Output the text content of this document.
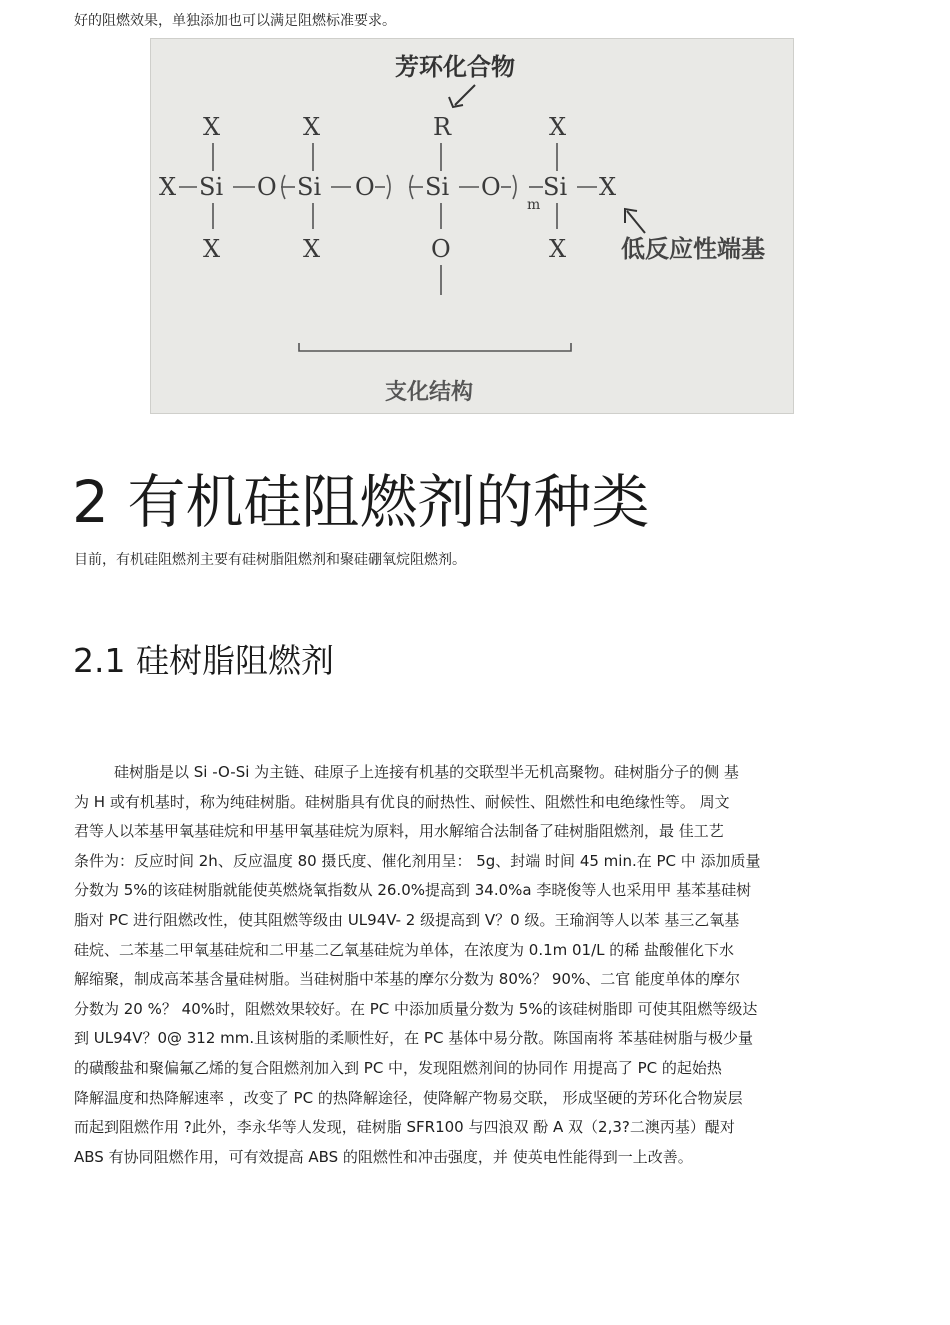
好的阻燃效果，单独添加也可以满足阻燃标准要求。
芳环化合物
X	X	R	X
X Si O Si O Si O
m
Si X
X	X	O	X 低反应性端基
支化结构
2 有机硅阻燃剂的种类
目前，有机硅阻燃剂主要有硅树脂阻燃剂和聚硅硼氧烷阻燃剂。
2.1 硅树脂阻燃剂
硅树脂是以 Si -O-Si 为主链、硅原子上连接有机基的交联型半无机高聚物。硅树脂分子的侧 基
为 H 或有机基时，称为纯硅树脂。硅树脂具有优良的耐热性、耐候性、阻燃性和电绝缘性等。 周文
君等人以苯基甲氧基硅烷和甲基甲氧基硅烷为原料，用水解缩合法制备了硅树脂阻燃剂，最 佳工艺
条件为：反应时间 2h、反应温度 80 摄氏度、催化剂用呈： 5g、封端 时间 45 min.在 PC 中 添加质量
分数为 5%的该硅树脂就能使英燃烧氧指数从 26.0%提高到 34.0%a 李晓俊等人也采用甲 基苯基硅树
脂对 PC 进行阻燃改性，使其阻燃等级由 UL94V- 2 级提高到 V？0 级。王瑜润等人以苯 基三乙氧基
硅烷、二苯基二甲氧基硅烷和二甲基二乙氧基硅烷为单体，在浓度为 0.1m 01/L 的稀 盐酸催化下水
解缩聚，制成高苯基含量硅树脂。当硅树脂中苯基的摩尔分数为 80%？ 90%、二官 能度单体的摩尔
分数为 20 %？ 40%时，阻燃效果较好。在 PC 中添加质量分数为 5%的该硅树脂即 可使其阻燃等级达
到 UL94V？0@ 312 mm.且该树脂的柔顺性好，在 PC 基体中易分散。陈国南将 苯基硅树脂与极少量
的磺酸盐和聚偏氟乙烯的复合阻燃剂加入到 PC 中，发现阻燃剂间的协同作 用提高了 PC 的起始热
降解温度和热降解速率 ，改变了 PC 的热降解途径，使降解产物易交联， 形成坚硬的芳环化合物炭层
而起到阻燃作用 ?此外，李永华等人发现，硅树脂 SFR100 与四浪双 酚 A 双（2,3?二澳丙基）醍对
ABS 有协同阻燃作用，可有效提高 ABS 的阻燃性和冲击强度，并 使英电性能得到一上改善。
